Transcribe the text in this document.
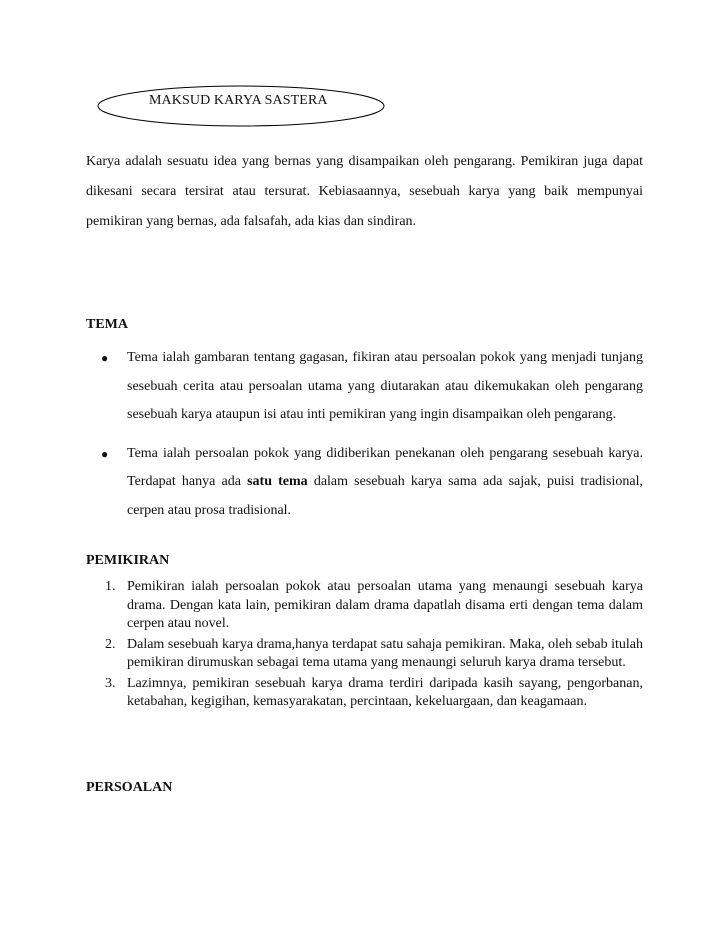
MAKSUD KARYA SASTERA
Karya adalah sesuatu idea yang bernas yang disampaikan oleh pengarang. Pemikiran juga dapat dikesani secara tersirat atau tersurat. Kebiasaannya, sesebuah karya yang baik mempunyai pemikiran yang bernas, ada falsafah, ada kias dan sindiran.
TEMA
● Tema ialah gambaran tentang gagasan, fikiran atau persoalan pokok yang menjadi tunjang sesebuah cerita atau persoalan utama yang diutarakan atau dikemukakan oleh pengarang sesebuah karya ataupun isi atau inti pemikiran yang ingin disampaikan oleh pengarang.
● Tema ialah persoalan pokok yang didiberikan penekanan oleh pengarang sesebuah karya. Terdapat hanya ada satu tema dalam sesebuah karya sama ada sajak, puisi tradisional, cerpen atau prosa tradisional.
PEMIKIRAN
1. Pemikiran ialah persoalan pokok atau persoalan utama yang menaungi sesebuah karya drama. Dengan kata lain, pemikiran dalam drama dapatlah disama erti dengan tema dalam cerpen atau novel.
2. Dalam sesebuah karya drama,hanya terdapat satu sahaja pemikiran. Maka, oleh sebab itulah pemikiran dirumuskan sebagai tema utama yang menaungi seluruh karya drama tersebut.
3. Lazimnya, pemikiran sesebuah karya drama terdiri daripada kasih sayang, pengorbanan, ketabahan, kegigihan, kemasyarakatan, percintaan, kekeluargaan, dan keagamaan.
PERSOALAN
